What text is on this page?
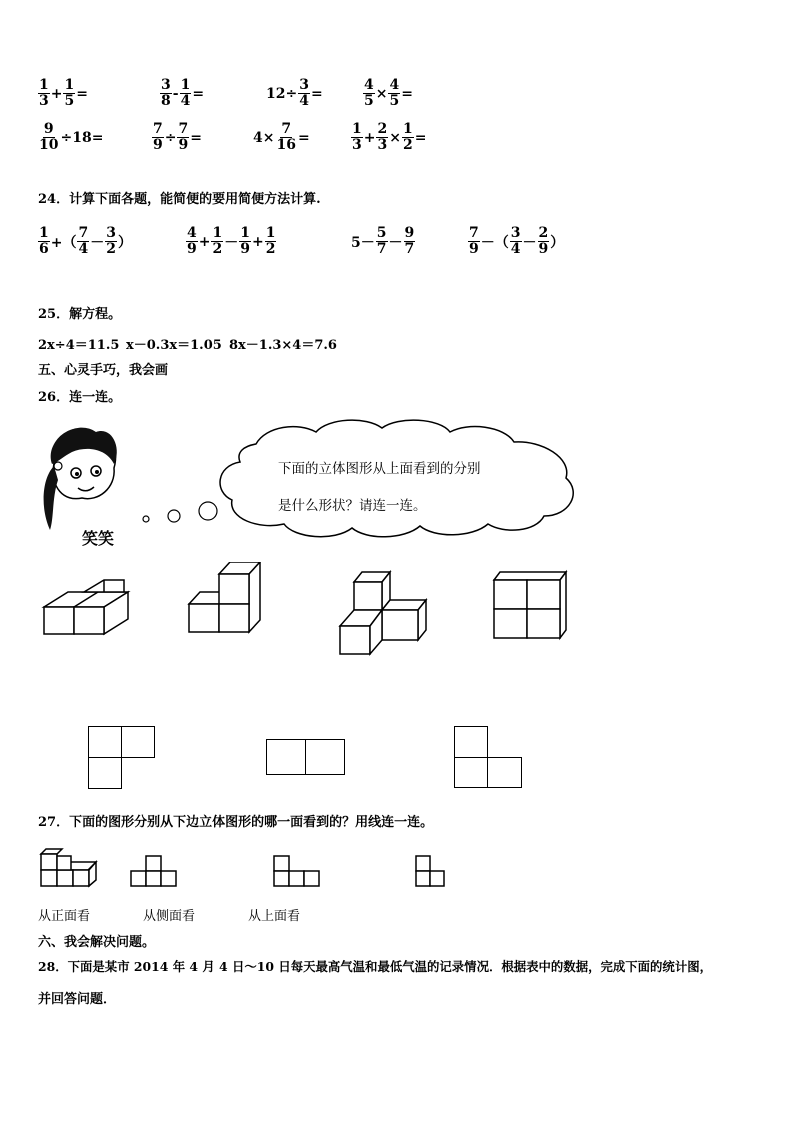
$\frac{1}{3} + \frac{1}{5}$ =	$\frac{3}{8} - \frac{1}{4}$ =	$12\div \frac{3}{4}$ =	$\frac{4}{5} \times \frac{4}{5}$ =
$\frac{9}{10} \div 18=$	$\frac{7}{9} \div \frac{7}{9}$ =	$4\times \frac{7}{16}$ =	$\frac{1}{3} + \frac{2}{3} \times \frac{1}{2}$ =
24．计算下面各题，能简便的要用简便方法计算.
$\frac{1}{6}$ +（ $\frac{7}{4} - \frac{3}{2}$ ）	$\frac{4}{9} + \frac{1}{2} - \frac{1}{9} + \frac{1}{2}$	$5- \frac{5}{7} - \frac{9}{7}$	$\frac{7}{9}$ －（ $\frac{3}{4} - \frac{2}{9}$ ）
25．解方程。
2x÷4＝11.5 x－0.3x＝1.05 8x－1.3×4＝7.6
五、心灵手巧，我会画
26．连一连。
下面的立体图形从上面看到的分别
是什么形状？请连一连。
笑笑
27．下面的图形分别从下边立体图形的哪一面看到的？用线连一连。
从正面看	从侧面看	从上面看
六、我会解决问题。
28．下面是某市 2014 年 4 月 4 日～10 日每天最高气温和最低气温的记录情况．根据表中的数据，完成下面的统计图，
并回答问题．
